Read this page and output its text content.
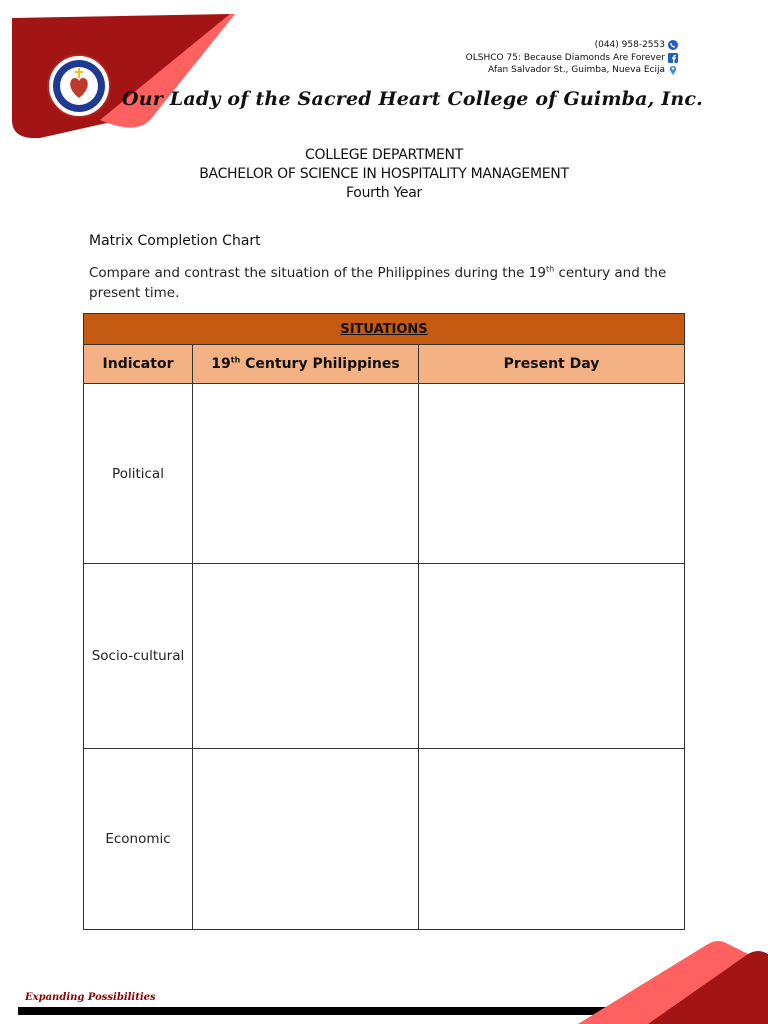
(044) 958-2553
OLSHCO 75: Because Diamonds Are Forever
Afan Salvador St., Guimba, Nueva Ecija
Our Lady of the Sacred Heart College of Guimba, Inc.
COLLEGE DEPARTMENT
BACHELOR OF SCIENCE IN HOSPITALITY MANAGEMENT
Fourth Year
Matrix Completion Chart
Compare and contrast the situation of the Philippines during the 19th century and the present time.
SITUATIONS		
Indicator	19th Century Philippines	Present Day
Political		
Socio-cultural		
Economic		
Expanding Possibilities
